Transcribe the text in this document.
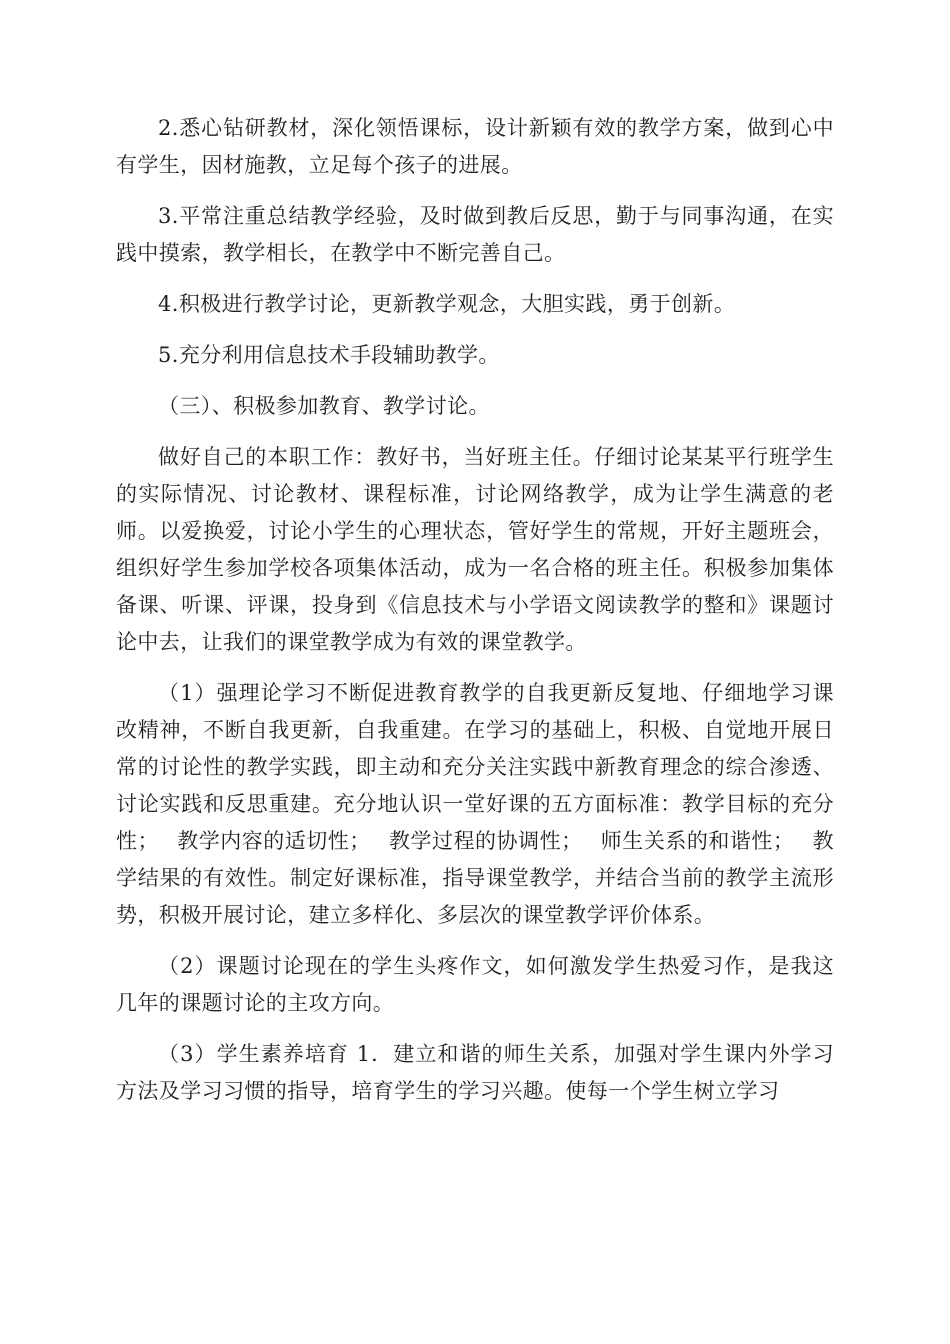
2.悉心钻研教材，深化领悟课标，设计新颖有效的教学方案，做到心中有学生，因材施教，立足每个孩子的进展。

3.平常注重总结教学经验，及时做到教后反思，勤于与同事沟通，在实践中摸索，教学相长，在教学中不断完善自己。

4.积极进行教学讨论，更新教学观念，大胆实践，勇于创新。

5.充分利用信息技术手段辅助教学。

（三）、积极参加教育、教学讨论。

做好自己的本职工作：教好书，当好班主任。仔细讨论某某平行班学生的实际情况、讨论教材、课程标准，讨论网络教学，成为让学生满意的老师。以爱换爱，讨论小学生的心理状态，管好学生的常规，开好主题班会，组织好学生参加学校各项集体活动，成为一名合格的班主任。积极参加集体备课、听课、评课，投身到《信息技术与小学语文阅读教学的整和》课题讨论中去，让我们的课堂教学成为有效的课堂教学。

（1）强理论学习不断促进教育教学的自我更新反复地、仔细地学习课改精神，不断自我更新，自我重建。在学习的基础上，积极、自觉地开展日常的讨论性的教学实践，即主动和充分关注实践中新教育理念的综合渗透、讨论实践和反思重建。充分地认识一堂好课的五方面标准：教学目标的充分性；　 教学内容的适切性；　 教学过程的协调性；　 师生关系的和谐性；　 教学结果的有效性。制定好课标准，指导课堂教学，并结合当前的教学主流形势，积极开展讨论，建立多样化、多层次的课堂教学评价体系。

（2）课题讨论现在的学生头疼作文，如何激发学生热爱习作，是我这几年的课题讨论的主攻方向。

（3）学生素养培育 1．建立和谐的师生关系，加强对学生课内外学习方法及学习习惯的指导，培育学生的学习兴趣。使每一个学生树立学习
